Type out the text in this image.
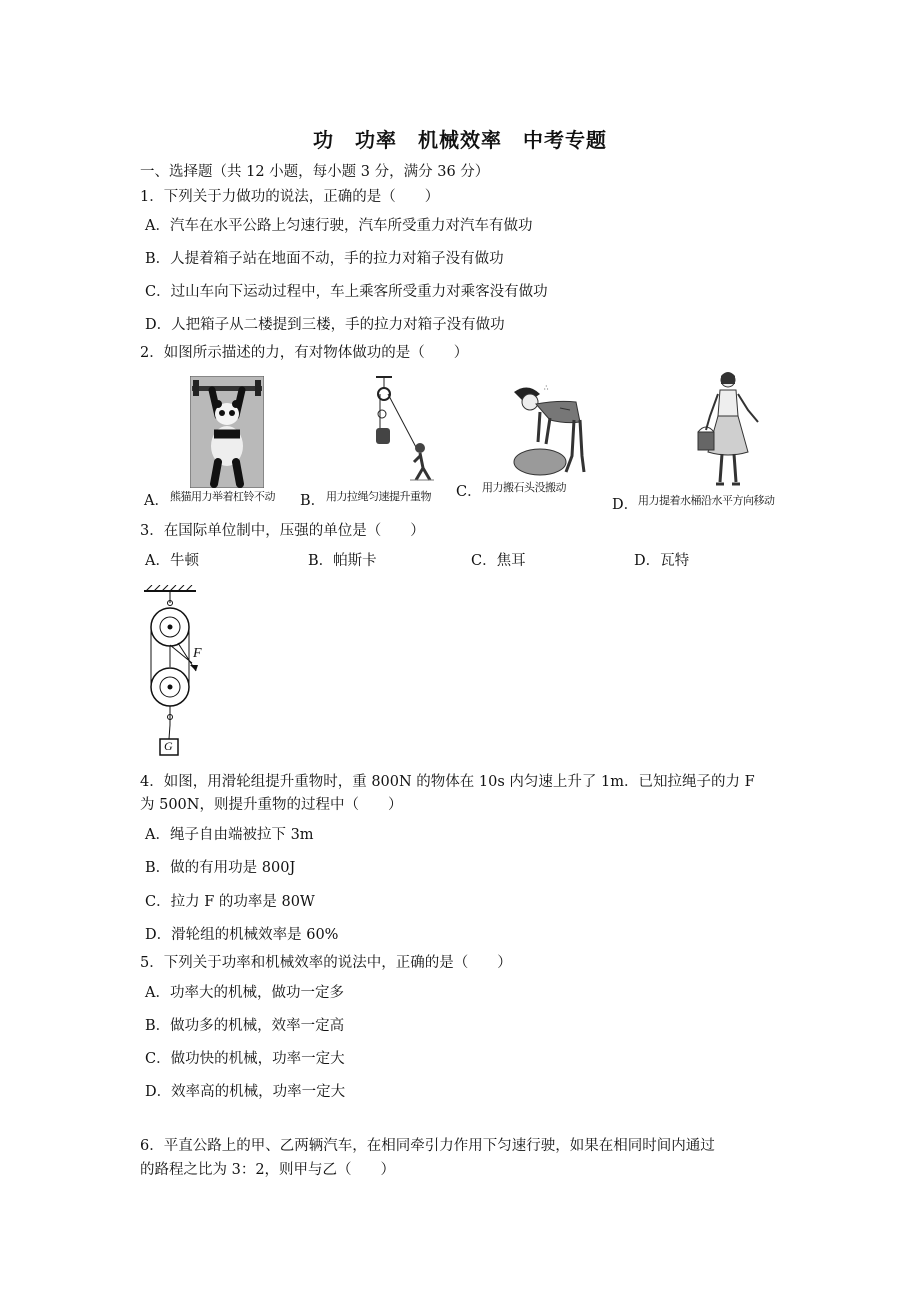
功　功率　机械效率　中考专题
一、选择题（共 12 小题，每小题 3 分，满分 36 分）
1．下列关于力做功的说法，正确的是（　　）
A．汽车在水平公路上匀速行驶，汽车所受重力对汽车有做功
B．人提着箱子站在地面不动，手的拉力对箱子没有做功
C．过山车向下运动过程中，车上乘客所受重力对乘客没有做功
D．人把箱子从二楼提到三楼，手的拉力对箱子没有做功
2．如图所示描述的力，有对物体做功的是（　　）
A． 熊猫用力举着杠铃不动 B． 用力拉绳匀速提升重物
∴
C． 用力搬石头没搬动
D． 用力提着水桶沿水平方向移动
3．在国际单位制中，压强的单位是（　　）
A．牛顿	B．帕斯卡	C．焦耳	D．瓦特
F
G
4．如图，用滑轮组提升重物时，重 800N 的物体在 10s 内匀速上升了 1m．已知拉绳子的力 F
为 500N，则提升重物的过程中（　　）
A．绳子自由端被拉下 3m
B．做的有用功是 800J
C．拉力 F 的功率是 80W
D．滑轮组的机械效率是 60%
5．下列关于功率和机械效率的说法中，正确的是（　　）
A．功率大的机械，做功一定多
B．做功多的机械，效率一定高
C．做功快的机械，功率一定大
D．效率高的机械，功率一定大
6．平直公路上的甲、乙两辆汽车，在相同牵引力作用下匀速行驶，如果在相同时间内通过
的路程之比为 3：2，则甲与乙（　　）
